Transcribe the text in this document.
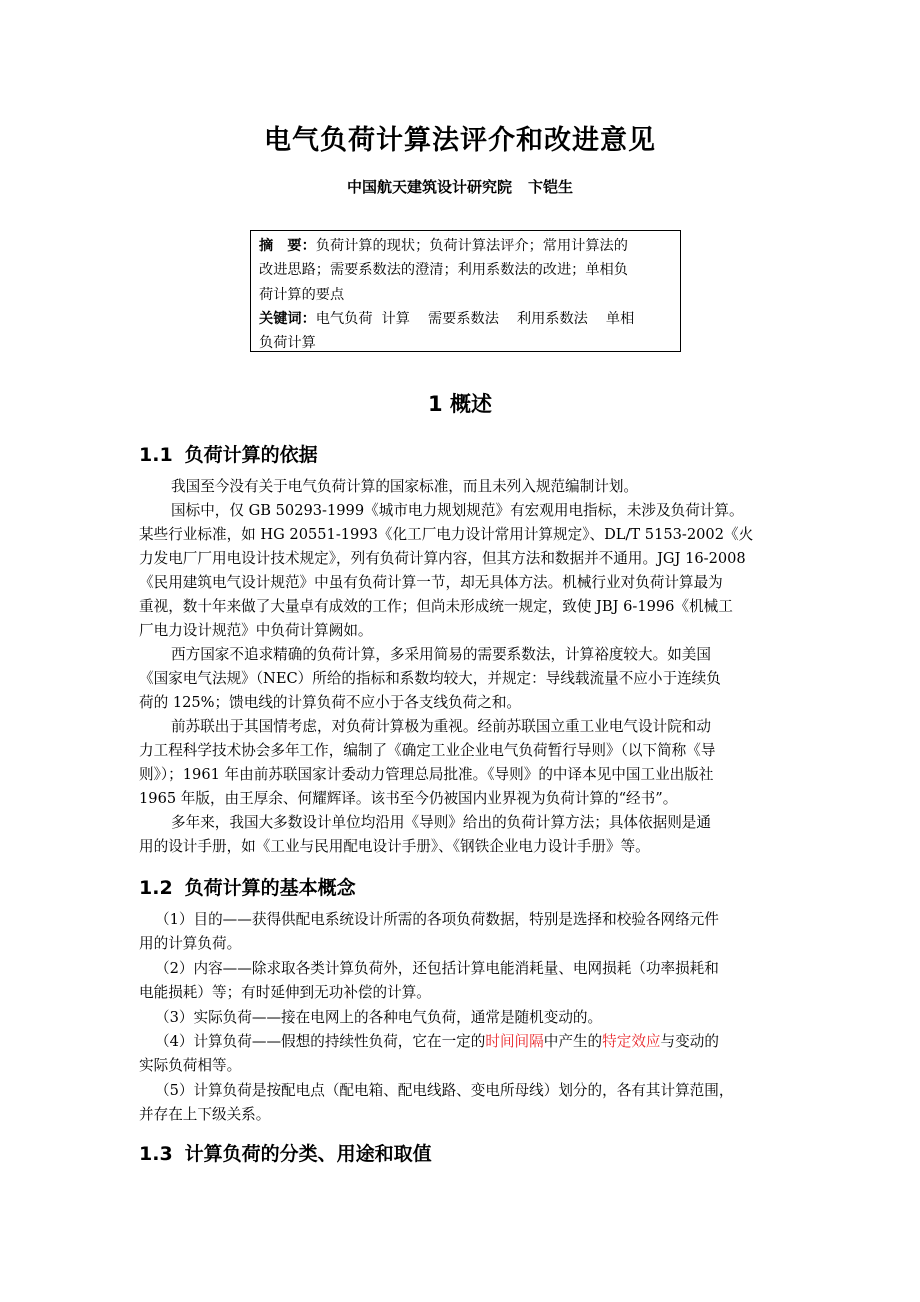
电气负荷计算法评介和改进意见
中国航天建筑设计研究院 卞铠生
摘　要：负荷计算的现状；负荷计算法评介；常用计算法的
改进思路；需要系数法的澄清；利用系数法的改进；单相负
荷计算的要点
关键词：电气负荷  计算    需要系数法    利用系数法    单相
负荷计算
1 概述
1.1 负荷计算的依据
我国至今没有关于电气负荷计算的国家标准，而且未列入规范编制计划。
国标中，仅 GB 50293-1999《城市电力规划规范》有宏观用电指标，未涉及负荷计算。
某些行业标准，如 HG 20551-1993《化工厂电力设计常用计算规定》、DL/T 5153-2002《火
力发电厂厂用电设计技术规定》，列有负荷计算内容，但其方法和数据并不通用。JGJ 16-2008
《民用建筑电气设计规范》中虽有负荷计算一节，却无具体方法。机械行业对负荷计算最为
重视，数十年来做了大量卓有成效的工作；但尚未形成统一规定，致使 JBJ 6-1996《机械工
厂电力设计规范》中负荷计算阙如。
西方国家不追求精确的负荷计算，多采用简易的需要系数法，计算裕度较大。如美国
《国家电气法规》（NEC）所给的指标和系数均较大，并规定：导线载流量不应小于连续负
荷的 125%；馈电线的计算负荷不应小于各支线负荷之和。
前苏联出于其国情考虑，对负荷计算极为重视。经前苏联国立重工业电气设计院和动
力工程科学技术协会多年工作，编制了《确定工业企业电气负荷暂行导则》（以下简称《导
则》）；1961 年由前苏联国家计委动力管理总局批准。《导则》的中译本见中国工业出版社
1965 年版，由王厚余、何耀辉译。该书至今仍被国内业界视为负荷计算的“经书”。
多年来，我国大多数设计单位均沿用《导则》给出的负荷计算方法；具体依据则是通
用的设计手册，如《工业与民用配电设计手册》、《钢铁企业电力设计手册》等。
1.2 负荷计算的基本概念
（1）目的——获得供配电系统设计所需的各项负荷数据，特别是选择和校验各网络元件
用的计算负荷。
（2）内容——除求取各类计算负荷外，还包括计算电能消耗量、电网损耗（功率损耗和
电能损耗）等；有时延伸到无功补偿的计算。
（3）实际负荷——接在电网上的各种电气负荷，通常是随机变动的。
（4）计算负荷——假想的持续性负荷，它在一定的时间间隔中产生的特定效应与变动的
实际负荷相等。
（5）计算负荷是按配电点（配电箱、配电线路、变电所母线）划分的，各有其计算范围，
并存在上下级关系。
1.3 计算负荷的分类、用途和取值
